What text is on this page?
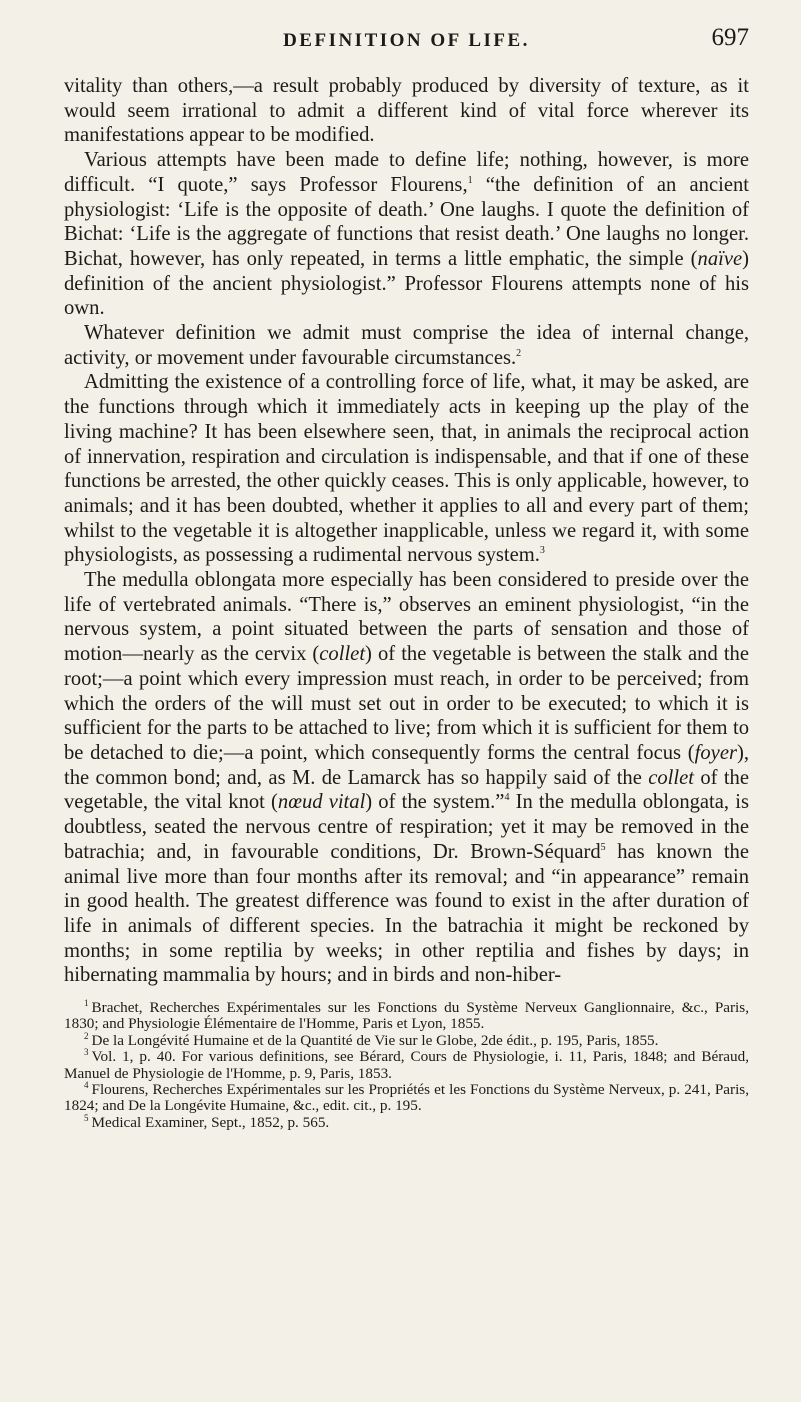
DEFINITION OF LIFE.	697

vitality than others,—a result probably produced by diversity of texture, as it would seem irrational to admit a different kind of vital force wherever its manifestations appear to be modified.

Various attempts have been made to define life; nothing, however, is more difficult. “I quote,” says Professor Flourens,$^1$ “the definition of an ancient physiologist: ‘Life is the opposite of death.’ One laughs. I quote the definition of Bichat: ‘Life is the aggregate of functions that resist death.’ One laughs no longer. Bichat, however, has only repeated, in terms a little emphatic, the simple (naïve) definition of the ancient physiologist.” Professor Flourens attempts none of his own.

Whatever definition we admit must comprise the idea of internal change, activity, or movement under favourable circumstances.$^2$

Admitting the existence of a controlling force of life, what, it may be asked, are the functions through which it immediately acts in keeping up the play of the living machine? It has been elsewhere seen, that, in animals the reciprocal action of innervation, respiration and circulation is indispensable, and that if one of these functions be arrested, the other quickly ceases. This is only applicable, however, to animals; and it has been doubted, whether it applies to all and every part of them; whilst to the vegetable it is altogether inapplicable, unless we regard it, with some physiologists, as possessing a rudimental nervous system.$^3$

The medulla oblongata more especially has been considered to preside over the life of vertebrated animals. “There is,” observes an eminent physiologist, “in the nervous system, a point situated between the parts of sensation and those of motion—nearly as the cervix (collet) of the vegetable is between the stalk and the root;—a point which every impression must reach, in order to be perceived; from which the orders of the will must set out in order to be executed; to which it is sufficient for the parts to be attached to live; from which it is sufficient for them to be detached to die;—a point, which consequently forms the central focus (foyer), the common bond; and, as M. de Lamarck has so happily said of the collet of the vegetable, the vital knot (nœud vital) of the system.”$^4$ In the medulla oblongata, is doubtless, seated the nervous centre of respiration; yet it may be removed in the batrachia; and, in favourable conditions, Dr. Brown-Séquard$^5$ has known the animal live more than four months after its removal; and “in appearance” remain in good health. The greatest difference was found to exist in the after duration of life in animals of different species. In the batrachia it might be reckoned by months; in some reptilia by weeks; in other reptilia and fishes by days; in hibernating mammalia by hours; and in birds and non-hiber-

$^1$ Brachet, Recherches Expérimentales sur les Fonctions du Système Nerveux Ganglionnaire, &c., Paris, 1830; and Physiologie Élémentaire de l'Homme, Paris et Lyon, 1855.

$^2$ De la Longévité Humaine et de la Quantité de Vie sur le Globe, 2de édit., p. 195, Paris, 1855.

$^3$ Vol. 1, p. 40. For various definitions, see Bérard, Cours de Physiologie, i. 11, Paris, 1848; and Béraud, Manuel de Physiologie de l'Homme, p. 9, Paris, 1853.

$^4$ Flourens, Recherches Expérimentales sur les Propriétés et les Fonctions du Système Nerveux, p. 241, Paris, 1824; and De la Longévite Humaine, &c., edit. cit., p. 195.

$^5$ Medical Examiner, Sept., 1852, p. 565.
